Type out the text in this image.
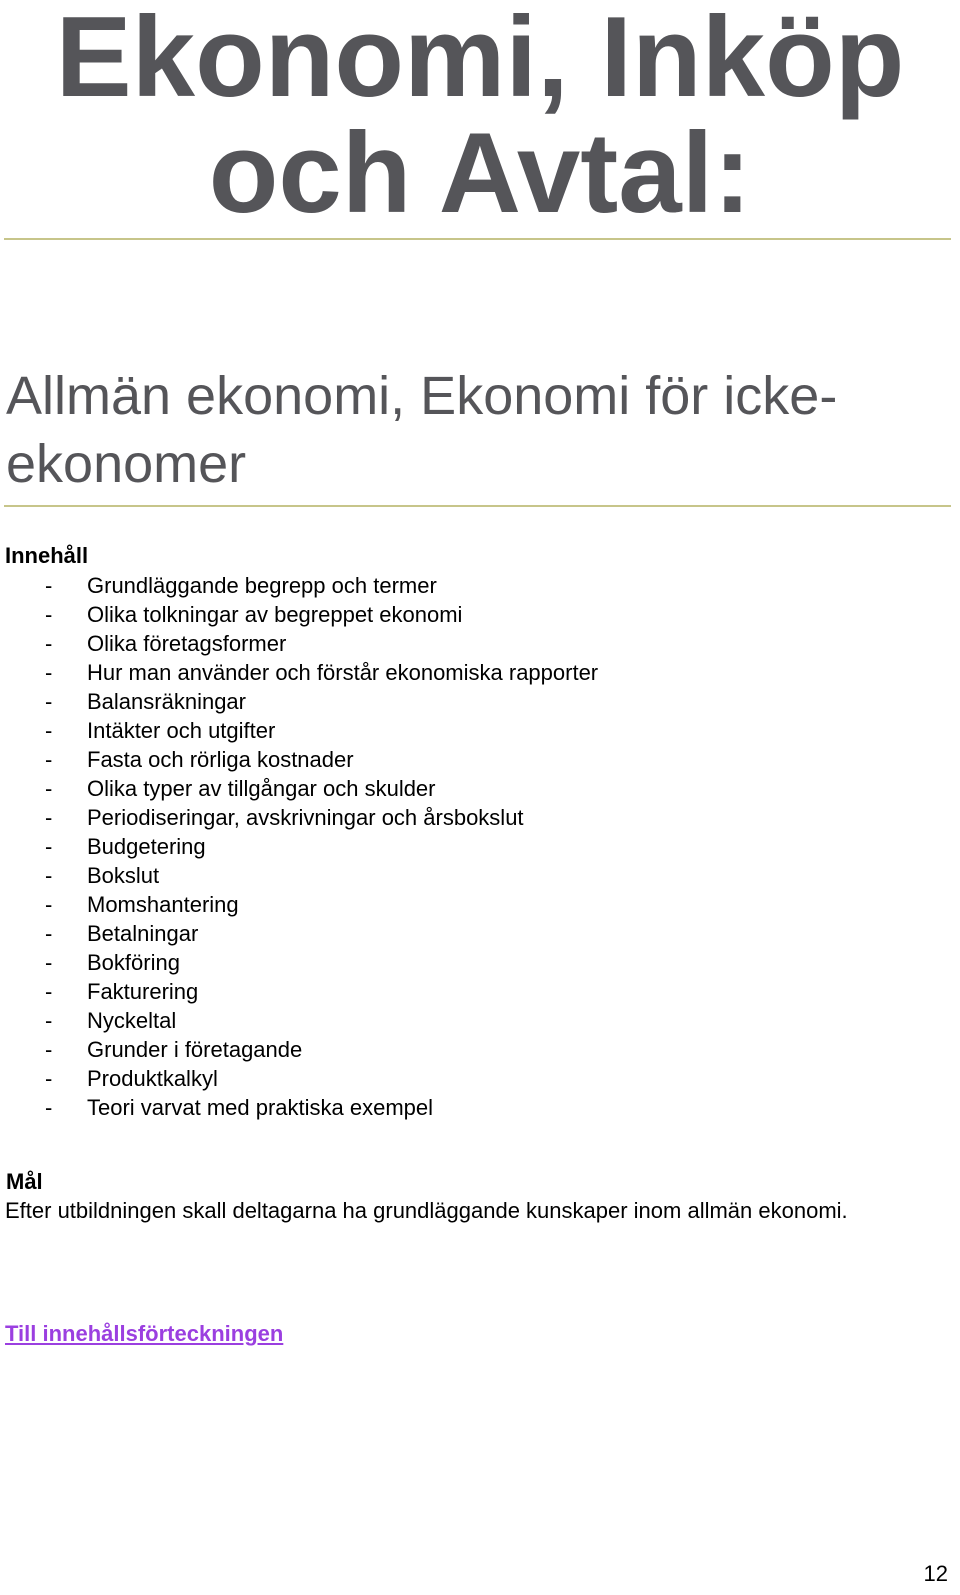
Ekonomi, Inköp
och Avtal:
Allmän ekonomi, Ekonomi för icke-ekonomer
Innehåll
- Grundläggande begrepp och termer
- Olika tolkningar av begreppet ekonomi
- Olika företagsformer
- Hur man använder och förstår ekonomiska rapporter
- Balansräkningar
- Intäkter och utgifter
- Fasta och rörliga kostnader
- Olika typer av tillgångar och skulder
- Periodiseringar, avskrivningar och årsbokslut
- Budgetering
- Bokslut
- Momshantering
- Betalningar
- Bokföring
- Fakturering
- Nyckeltal
- Grunder i företagande
- Produktkalkyl
- Teori varvat med praktiska exempel
Mål

Efter utbildningen skall deltagarna ha grundläggande kunskaper inom allmän ekonomi.

Till innehållsförteckningen
12
